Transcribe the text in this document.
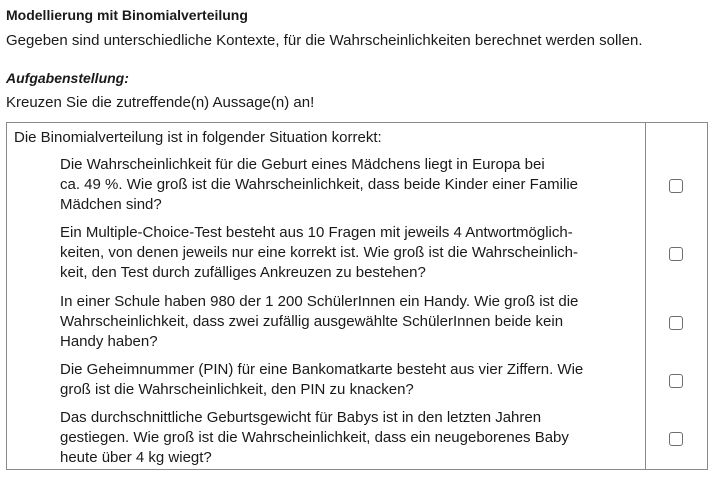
Modellierung mit Binomialverteilung
Gegeben sind unterschiedliche Kontexte, für die Wahrscheinlichkeiten berechnet werden sollen.
Aufgabenstellung:
Kreuzen Sie die zutreffende(n) Aussage(n) an!
Die Binomialverteilung ist in folgender Situation korrekt:
Die Wahrscheinlichkeit für die Geburt eines Mädchens liegt in Europa bei
ca. 49 %. Wie groß ist die Wahrscheinlichkeit, dass beide Kinder einer Familie
Mädchen sind?
Ein Multiple-Choice-Test besteht aus 10 Fragen mit jeweils 4 Antwortmöglich-
keiten, von denen jeweils nur eine korrekt ist. Wie groß ist die Wahrscheinlich-
keit, den Test durch zufälliges Ankreuzen zu bestehen?
In einer Schule haben 980 der 1 200 SchülerInnen ein Handy. Wie groß ist die
Wahrscheinlichkeit, dass zwei zufällig ausgewählte SchülerInnen beide kein
Handy haben?
Die Geheimnummer (PIN) für eine Bankomatkarte besteht aus vier Ziffern. Wie
groß ist die Wahrscheinlichkeit, den PIN zu knacken?
Das durchschnittliche Geburtsgewicht für Babys ist in den letzten Jahren
gestiegen. Wie groß ist die Wahrscheinlichkeit, dass ein neugeborenes Baby
heute über 4 kg wiegt?
